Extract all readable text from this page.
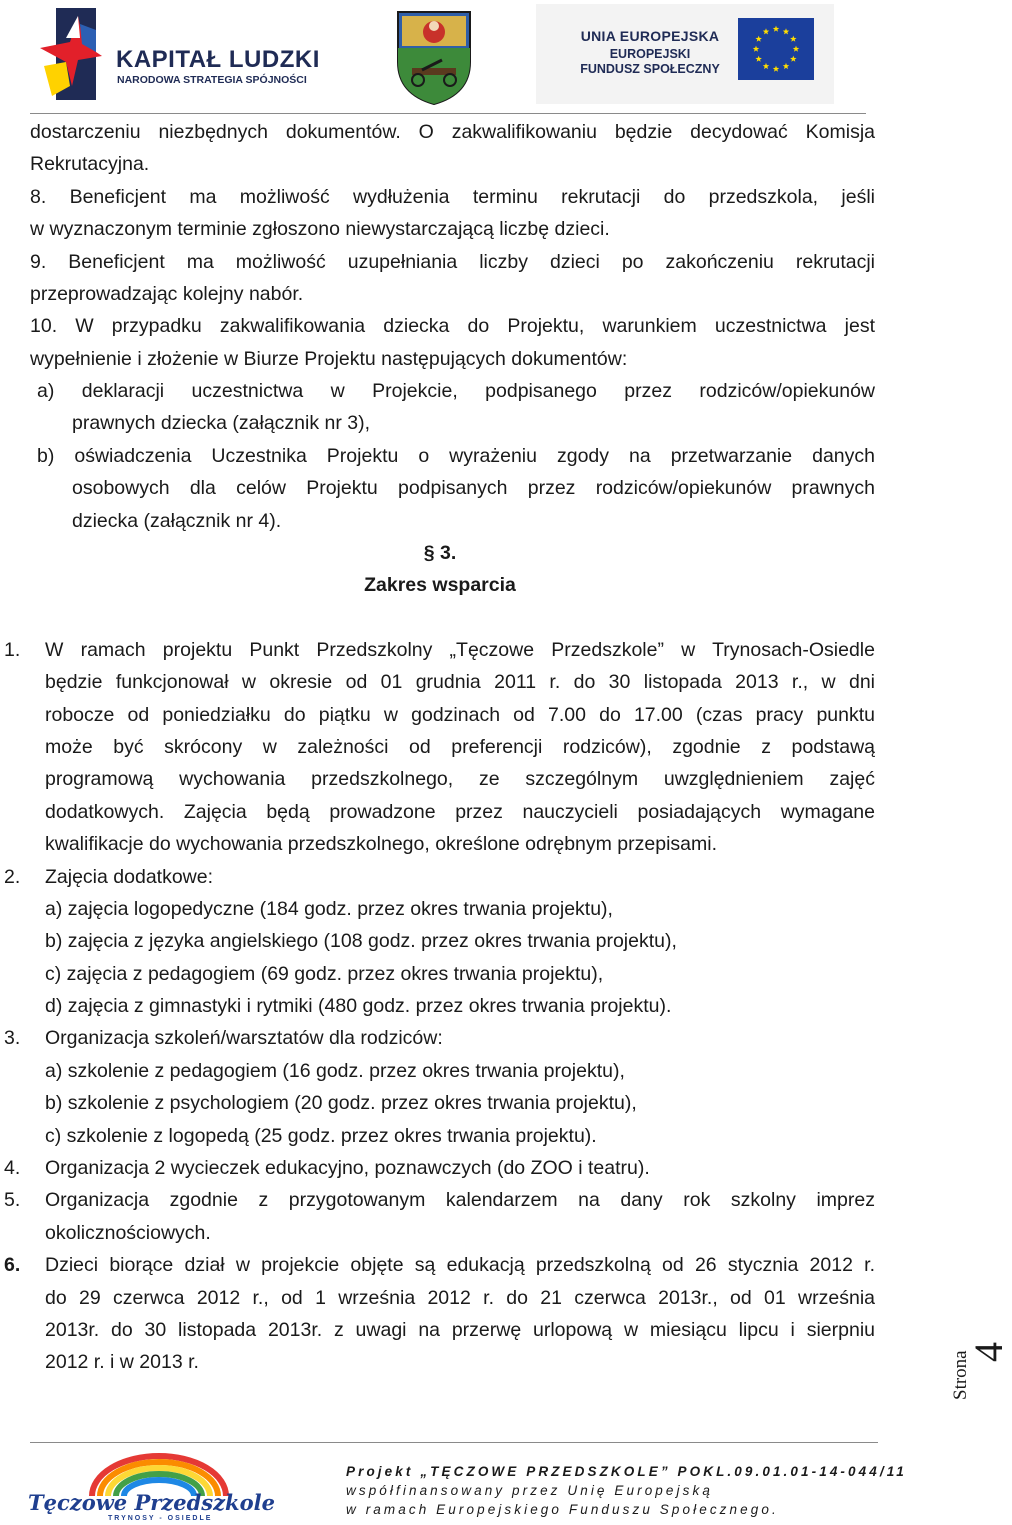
KAPITAŁ LUDZKI
NARODOWA STRATEGIA SPÓJNOŚCI
UNIA EUROPEJSKA
EUROPEJSKI
FUNDUSZ SPOŁECZNY
dostarczeniu niezbędnych dokumentów. O zakwalifikowaniu będzie decydować Komisja
Rekrutacyjna.
8. Beneficjent ma możliwość wydłużenia terminu rekrutacji do przedszkola, jeśli
w wyznaczonym terminie zgłoszono niewystarczającą liczbę dzieci.
9. Beneficjent ma możliwość uzupełniania liczby dzieci po zakończeniu rekrutacji
przeprowadzając kolejny nabór.
10. W przypadku zakwalifikowania dziecka do Projektu, warunkiem uczestnictwa jest
wypełnienie i złożenie w Biurze Projektu następujących dokumentów:
a) deklaracji uczestnictwa w Projekcie, podpisanego przez rodziców/opiekunów
prawnych dziecka (załącznik nr 3),
b) oświadczenia Uczestnika Projektu o wyrażeniu zgody na przetwarzanie danych
osobowych dla celów Projektu podpisanych przez rodziców/opiekunów prawnych
dziecka (załącznik nr 4).
§ 3.
Zakres wsparcia
1. W ramach projektu Punkt Przedszkolny „Tęczowe Przedszkole” w Trynosach-Osiedle
będzie funkcjonował w okresie od 01 grudnia 2011 r. do 30 listopada 2013 r., w dni
robocze od poniedziałku do piątku w godzinach od 7.00 do 17.00 (czas pracy punktu
może być skrócony w zależności od preferencji rodziców), zgodnie z podstawą
programową wychowania przedszkolnego, ze szczególnym uwzględnieniem zajęć
dodatkowych. Zajęcia będą prowadzone przez nauczycieli posiadających wymagane
kwalifikacje do wychowania przedszkolnego, określone odrębnym przepisami.
2. Zajęcia dodatkowe:
a) zajęcia logopedyczne (184 godz. przez okres trwania projektu),
b) zajęcia z języka angielskiego (108 godz. przez okres trwania projektu),
c) zajęcia z pedagogiem (69 godz. przez okres trwania projektu),
d) zajęcia z gimnastyki i rytmiki (480 godz. przez okres trwania projektu).
3. Organizacja szkoleń/warsztatów dla rodziców:
a) szkolenie z pedagogiem (16 godz. przez okres trwania projektu),
b) szkolenie z psychologiem (20 godz. przez okres trwania projektu),
c) szkolenie z logopedą (25 godz. przez okres trwania projektu).
4. Organizacja 2 wycieczek edukacyjno, poznawczych (do ZOO i teatru).
5. Organizacja zgodnie z przygotowanym kalendarzem na dany rok szkolny imprez
okolicznościowych.
6. Dzieci biorące dział w projekcie objęte są edukacją przedszkolną od 26 stycznia 2012 r.
do 29 czerwca 2012 r., od 1 września 2012 r. do 21 czerwca 2013r., od 01 września
2013r. do 30 listopada 2013r. z uwagi na przerwę urlopową w miesiącu lipcu i sierpniu
2012 r. i w 2013 r.	Strona
4
Tęczowe Przedszkole
TRYNOSY - OSIEDLE
Projekt „TĘCZOWE PRZEDSZKOLE” POKL.09.01.01-14-044/11
współfinansowany przez Unię Europejską
w ramach Europejskiego Funduszu Społecznego.
